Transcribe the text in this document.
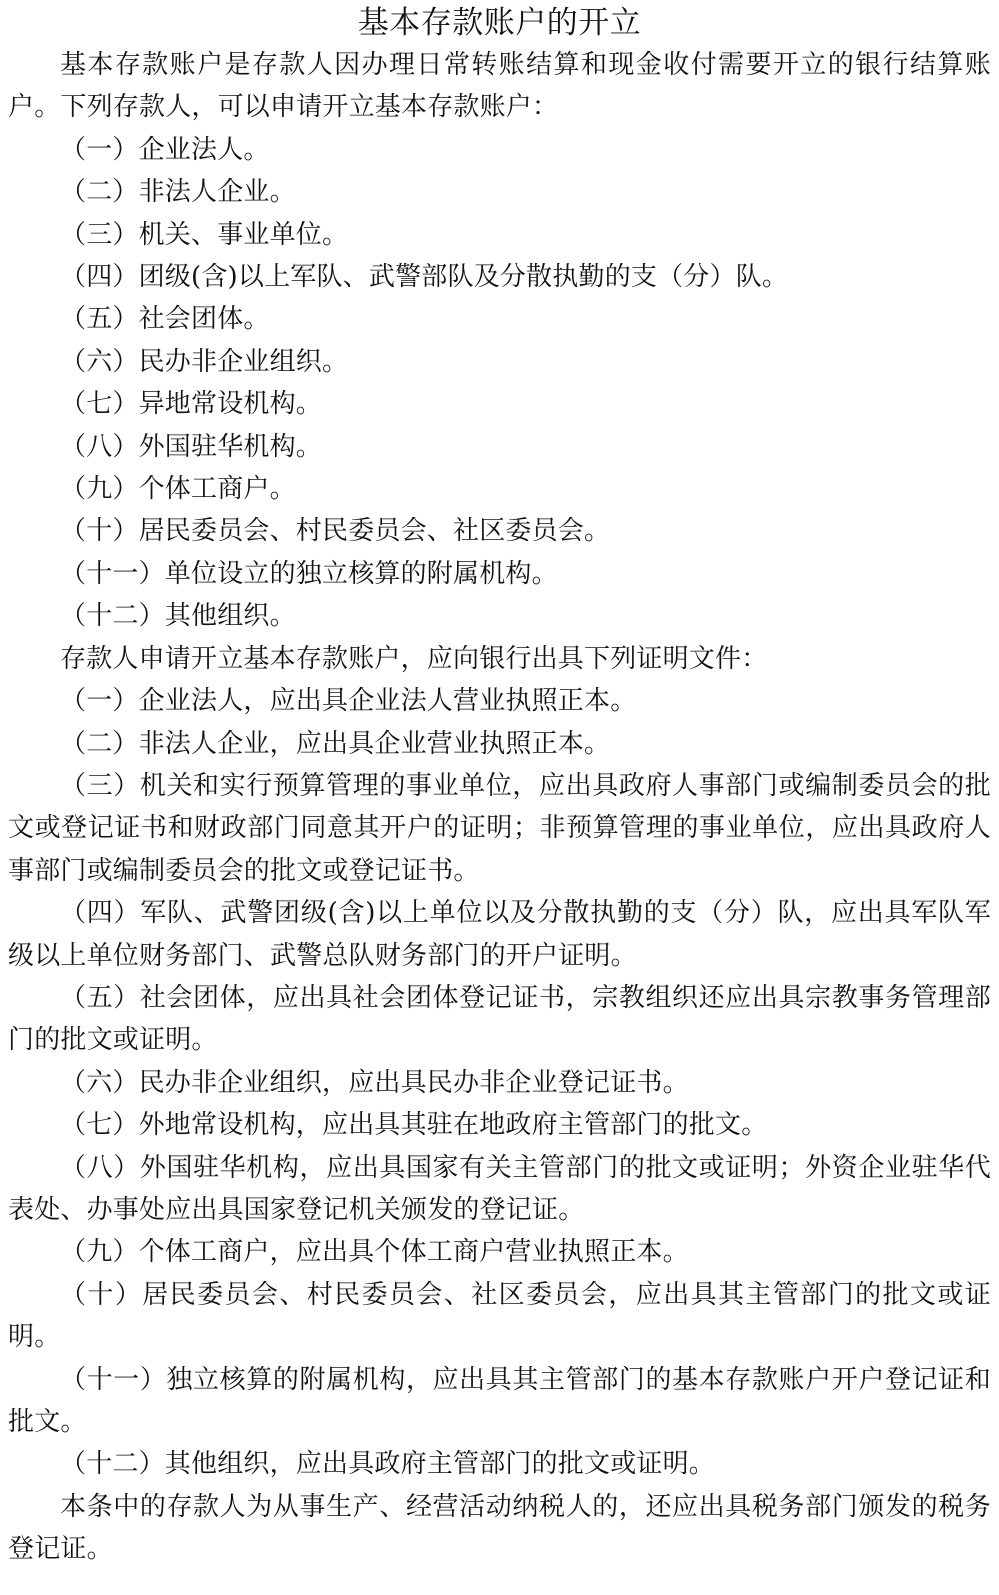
基本存款账户的开立

基本存款账户是存款人因办理日常转账结算和现金收付需要开立的银行结算账户。下列存款人，可以申请开立基本存款账户：

（一）企业法人。

（二）非法人企业。

（三）机关、事业单位。

（四）团级(含)以上军队、武警部队及分散执勤的支（分）队。

（五）社会团体。

（六）民办非企业组织。

（七）异地常设机构。

（八）外国驻华机构。

（九）个体工商户。

（十）居民委员会、村民委员会、社区委员会。

（十一）单位设立的独立核算的附属机构。

（十二）其他组织。

存款人申请开立基本存款账户，应向银行出具下列证明文件：

（一）企业法人，应出具企业法人营业执照正本。

（二）非法人企业，应出具企业营业执照正本。

（三）机关和实行预算管理的事业单位，应出具政府人事部门或编制委员会的批文或登记证书和财政部门同意其开户的证明；非预算管理的事业单位，应出具政府人事部门或编制委员会的批文或登记证书。

（四）军队、武警团级(含)以上单位以及分散执勤的支（分）队，应出具军队军级以上单位财务部门、武警总队财务部门的开户证明。

（五）社会团体，应出具社会团体登记证书，宗教组织还应出具宗教事务管理部门的批文或证明。

（六）民办非企业组织，应出具民办非企业登记证书。

（七）外地常设机构，应出具其驻在地政府主管部门的批文。

（八）外国驻华机构，应出具国家有关主管部门的批文或证明；外资企业驻华代表处、办事处应出具国家登记机关颁发的登记证。

（九）个体工商户，应出具个体工商户营业执照正本。

（十）居民委员会、村民委员会、社区委员会，应出具其主管部门的批文或证明。

（十一）独立核算的附属机构，应出具其主管部门的基本存款账户开户登记证和批文。

（十二）其他组织，应出具政府主管部门的批文或证明。

本条中的存款人为从事生产、经营活动纳税人的，还应出具税务部门颁发的税务登记证。
